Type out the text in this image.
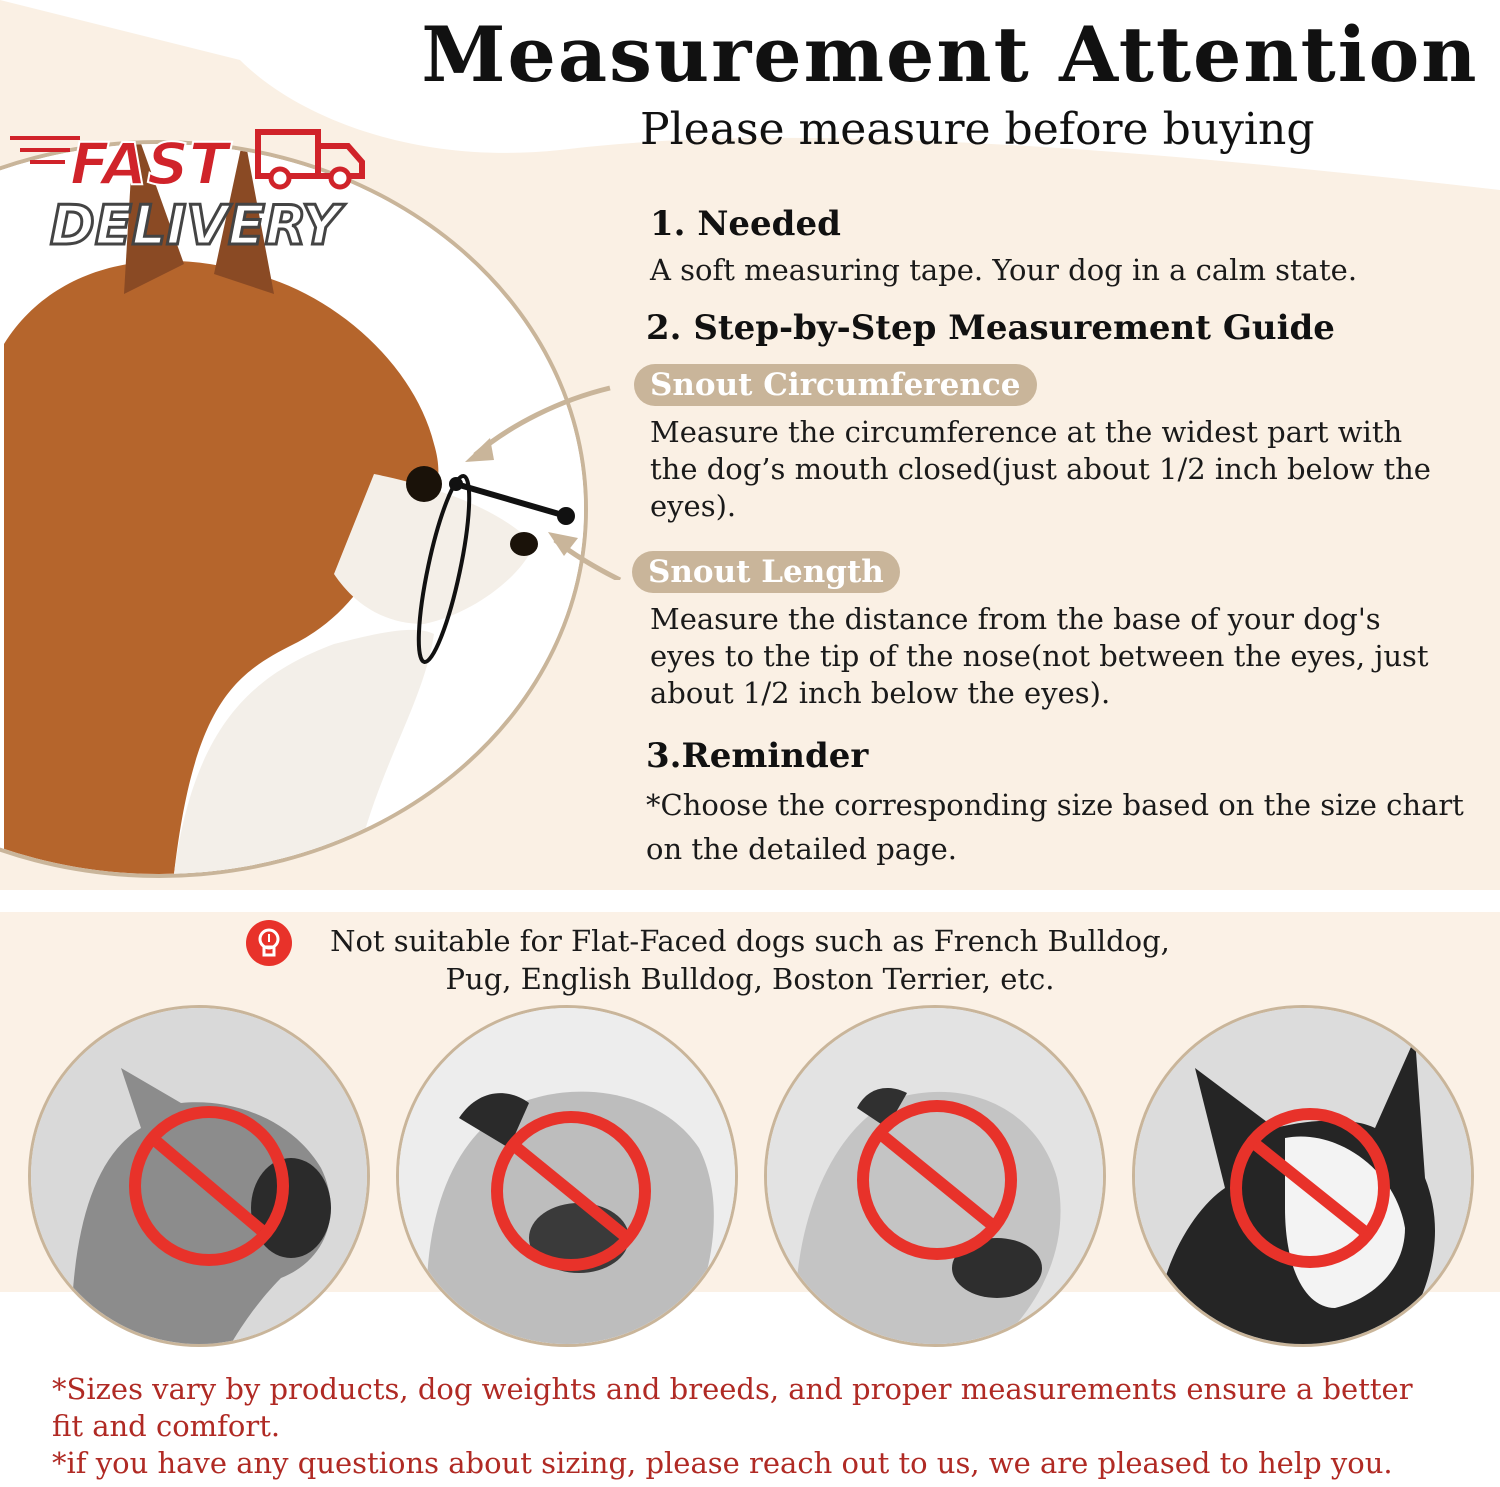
FAST
DELIVERY
Measurement Attention
Please measure before buying
1. Needed
A soft measuring tape. Your dog in a calm state.
2. Step-by-Step Measurement Guide
Snout Circumference
Measure the circumference at the widest part with
the dog’s mouth closed(just about 1/2 inch below the
eyes).
Snout Length
Measure the distance from the base of your dog's
eyes to the tip of the nose(not between the eyes, just
about 1/2 inch below the eyes).
3.Reminder
*Choose the corresponding size based on the size chart
on the detailed page.
Not suitable for Flat-Faced dogs such as French Bulldog,
Pug, English Bulldog, Boston Terrier, etc.
*Sizes vary by products, dog weights and breeds, and proper measurements ensure a better
fit and comfort.
*if you have any questions about sizing, please reach out to us, we are pleased to help you.
